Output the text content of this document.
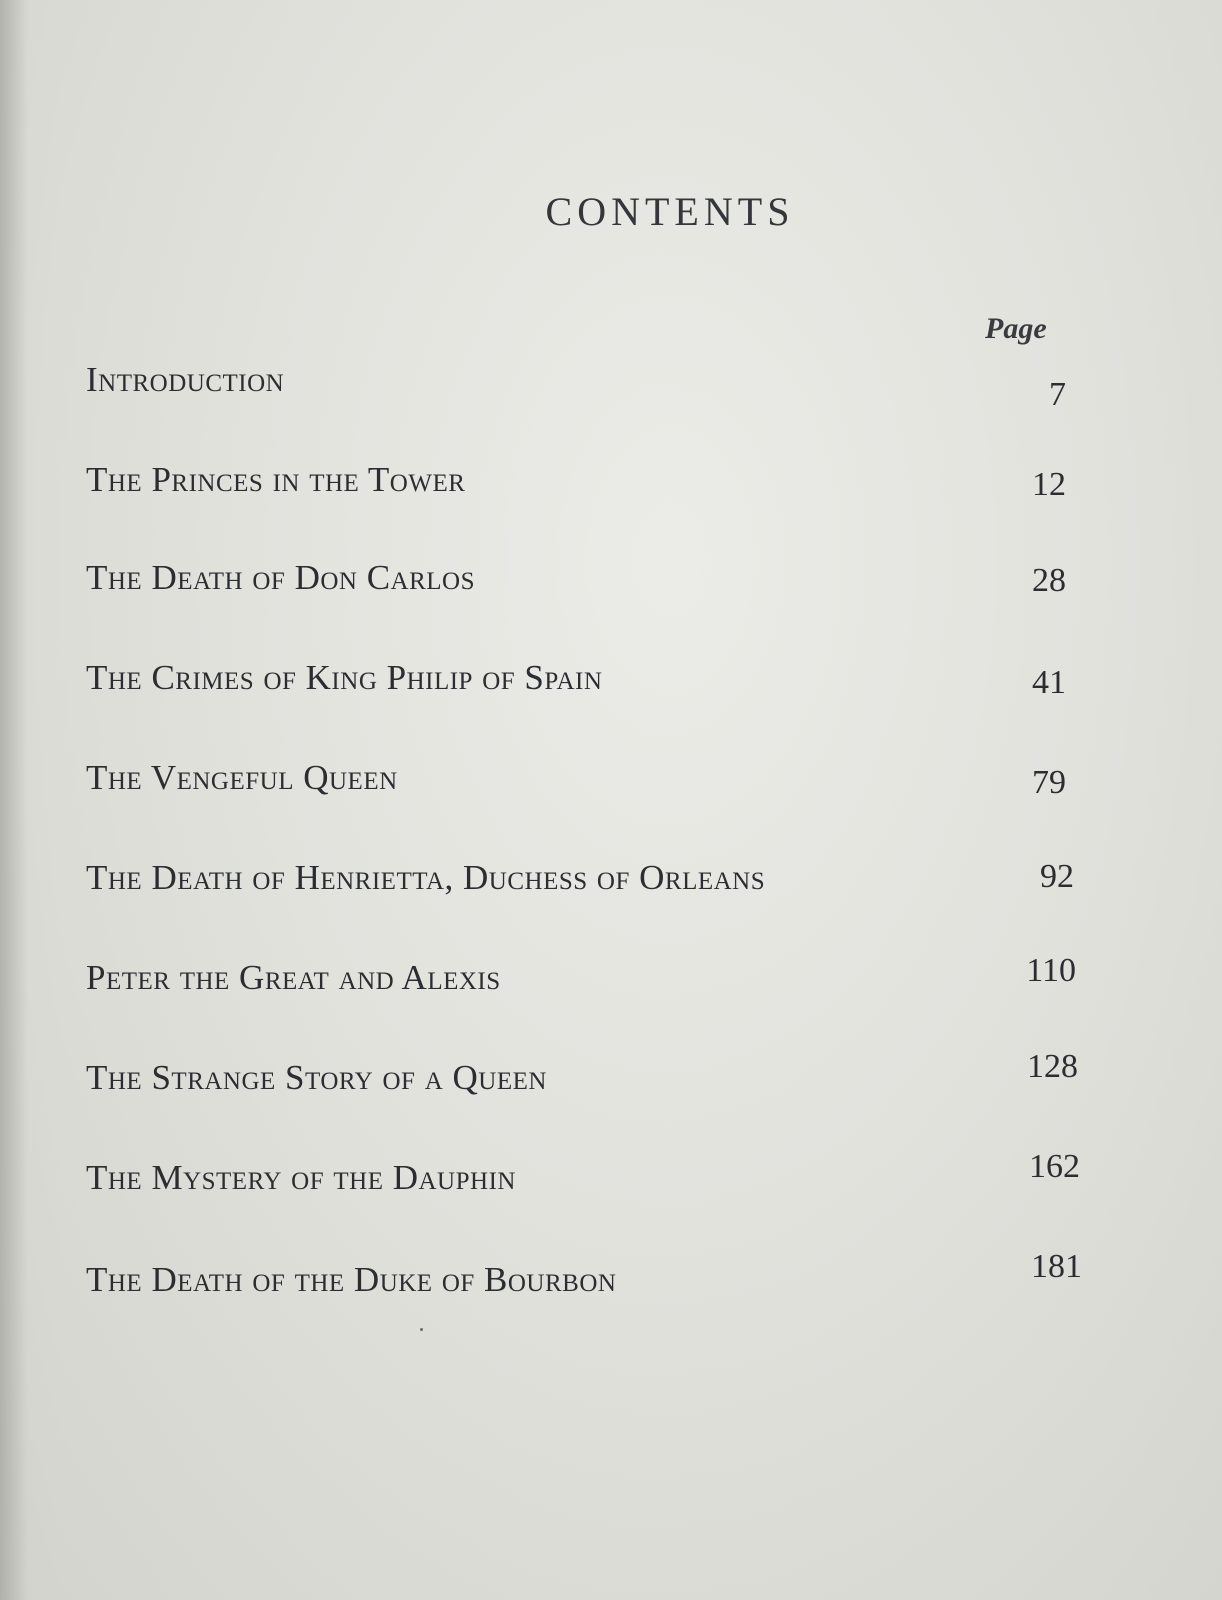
CONTENTS
Page
Introduction	7
The Princes in the Tower	12
The Death of Don Carlos	28
The Crimes of King Philip of Spain	41
The Vengeful Queen	79
The Death of Henrietta, Duchess of Orleans	92
Peter the Great and Alexis	110
The Strange Story of a Queen	128
The Mystery of the Dauphin	162
The Death of the Duke of Bourbon	181
